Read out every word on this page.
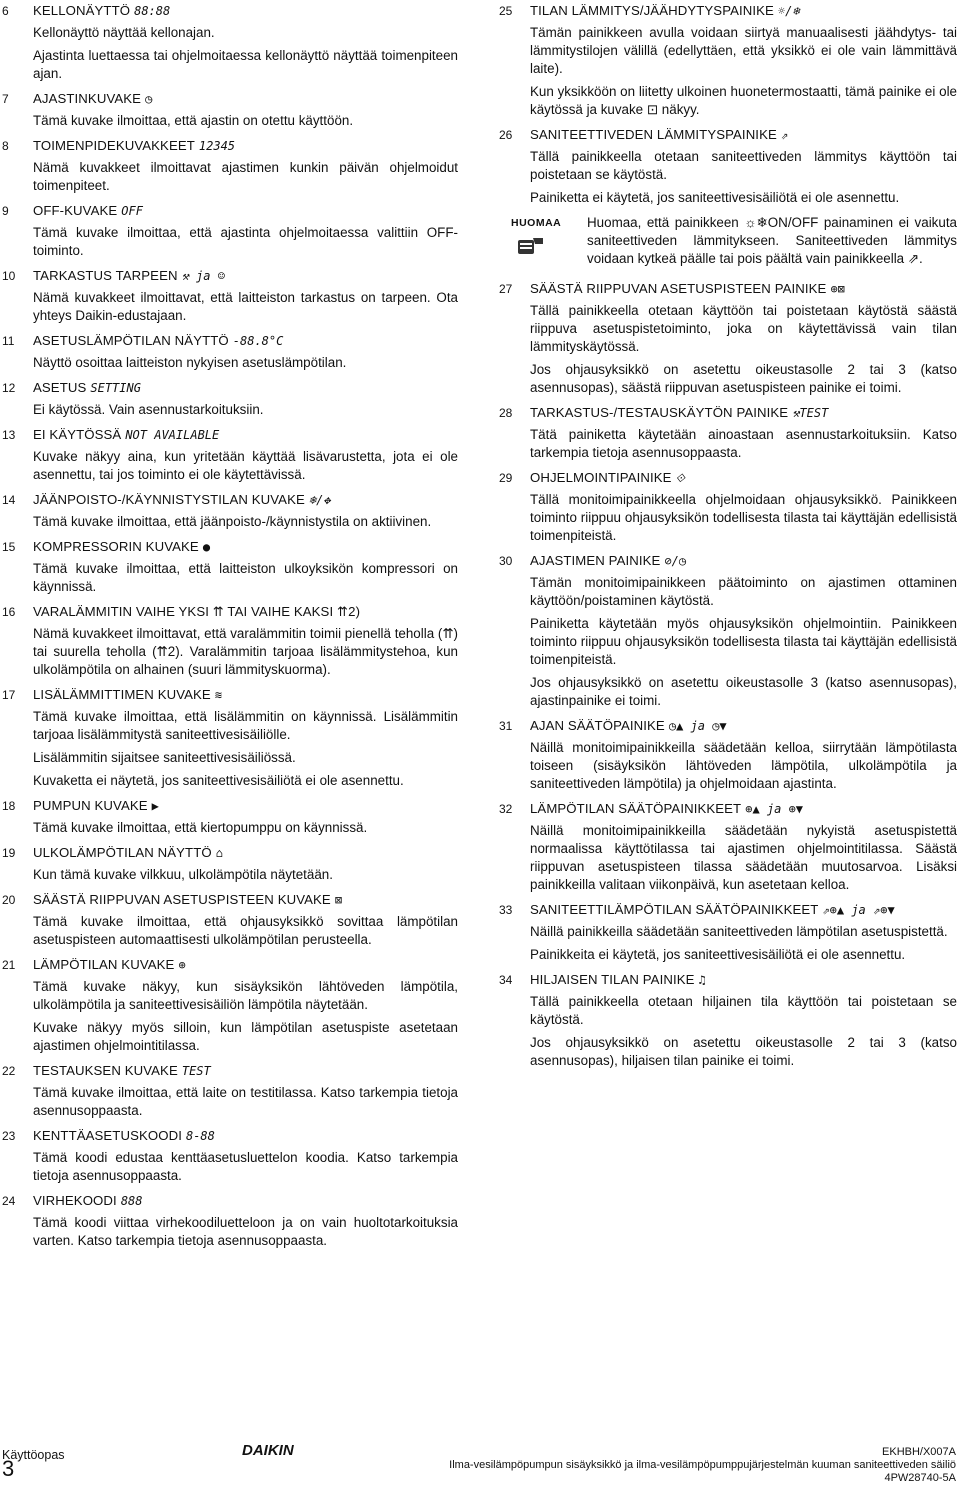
6 KELLONÄYTTÖ 88:88
Kellonäyttö näyttää kellonajan.
Ajastinta luettaessa tai ohjelmoitaessa kellonäyttö näyttää toimenpiteen ajan.
7 AJASTINKUVAKE ◷
Tämä kuvake ilmoittaa, että ajastin on otettu käyttöön.
8 TOIMENPIDEKUVAKKEET 12345
Nämä kuvakkeet ilmoittavat ajastimen kunkin päivän ohjelmoidut toimenpiteet.
9 OFF-KUVAKE OFF
Tämä kuvake ilmoittaa, että ajastinta ohjelmoitaessa valittiin OFF-toiminto.
10 TARKASTUS TARPEEN ⚒ ja ☺
Nämä kuvakkeet ilmoittavat, että laitteiston tarkastus on tarpeen. Ota yhteys Daikin-edustajaan.
11 ASETUSLÄMPÖTILAN NÄYTTÖ -88.8°C
Näyttö osoittaa laitteiston nykyisen asetuslämpötilan.
12 ASETUS SETTING
Ei käytössä. Vain asennustarkoituksiin.
13 EI KÄYTÖSSÄ NOT AVAILABLE
Kuvake näkyy aina, kun yritetään käyttää lisävarustetta, jota ei ole asennettu, tai jos toiminto ei ole käytettävissä.
14 JÄÄNPOISTO-/KÄYNNISTYSTILAN KUVAKE ❄/✥
Tämä kuvake ilmoittaa, että jäänpoisto-/käynnistystila on aktiivinen.
15 KOMPRESSORIN KUVAKE ●
Tämä kuvake ilmoittaa, että laitteiston ulkoyksikön kompressori on käynnissä.
16 VARALÄMMITIN VAIHE YKSI ⇈ TAI VAIHE KAKSI ⇈2)
Nämä kuvakkeet ilmoittavat, että varalämmitin toimii pienellä teholla (⇈) tai suurella teholla (⇈2). Varalämmitin tarjoaa lisälämmitystehoa, kun ulkolämpötila on alhainen (suuri lämmityskuorma).
17 LISÄLÄMMITTIMEN KUVAKE ≋
Tämä kuvake ilmoittaa, että lisälämmitin on käynnissä. Lisälämmitin tarjoaa lisälämmitystä saniteettivesisäiliölle.
Lisälämmitin sijaitsee saniteettivesisäiliössä.
Kuvaketta ei näytetä, jos saniteettivesisäiliötä ei ole asennettu.
18 PUMPUN KUVAKE ▶
Tämä kuvake ilmoittaa, että kiertopumppu on käynnissä.
19 ULKOLÄMPÖTILAN NÄYTTÖ ⌂
Kun tämä kuvake vilkkuu, ulkolämpötila näytetään.
20 SÄÄSTÄ RIIPPUVAN ASETUSPISTEEN KUVAKE ⊠
Tämä kuvake ilmoittaa, että ohjausyksikkö sovittaa lämpötilan asetuspisteen automaattisesti ulkolämpötilan perusteella.
21 LÄMPÖTILAN KUVAKE ⊕
Tämä kuvake näkyy, kun sisäyksikön lähtöveden lämpötila, ulkolämpötila ja saniteettivesisäiliön lämpötila näytetään.
Kuvake näkyy myös silloin, kun lämpötilan asetuspiste asetetaan ajastimen ohjelmointitilassa.
22 TESTAUKSEN KUVAKE TEST
Tämä kuvake ilmoittaa, että laite on testitilassa. Katso tarkempia tietoja asennusoppaasta.
23 KENTTÄASETUSKOODI 8-88
Tämä koodi edustaa kenttäasetusluettelon koodia. Katso tarkempia tietoja asennusoppaasta.
24 VIRHEKOODI 888
Tämä koodi viittaa virhekoodiluetteloon ja on vain huoltotarkoituksia varten. Katso tarkempia tietoja asennusoppaasta.
25 TILAN LÄMMITYS/JÄÄHDYTYSPAINIKE ☼/❄
Tämän painikkeen avulla voidaan siirtyä manuaalisesti jäähdytys- tai lämmitystilojen välillä (edellyttäen, että yksikkö ei ole vain lämmittävä laite).
Kun yksikköön on liitetty ulkoinen huonetermostaatti, tämä painike ei ole käytössä ja kuvake ⊡ näkyy.
26 SANITEETTIVEDEN LÄMMITYSPAINIKE ⇗
Tällä painikkeella otetaan saniteettiveden lämmitys käyttöön tai poistetaan se käytöstä.
Painiketta ei käytetä, jos saniteettivesisäiliötä ei ole asennettu.
HUOMAA Huomaa, että painikkeen ☼❄ON/OFF painaminen ei vaikuta saniteettiveden lämmitykseen. Saniteettiveden lämmitys voidaan kytkeä päälle tai pois päältä vain painikkeella ⇗.
27 SÄÄSTÄ RIIPPUVAN ASETUSPISTEEN PAINIKE ⊕⊠
Tällä painikkeella otetaan käyttöön tai poistetaan käytöstä säästä riippuva asetuspistetoiminto, joka on käytettävissä vain tilan lämmityskäytössä.
Jos ohjausyksikkö on asetettu oikeustasolle 2 tai 3 (katso asennusopas), säästä riippuvan asetuspisteen painike ei toimi.
28 TARKASTUS-/TESTAUSKÄYTÖN PAINIKE ⚒TEST
Tätä painiketta käytetään ainoastaan asennustarkoituksiin. Katso tarkempia tietoja asennusoppaasta.
29 OHJELMOINTIPAINIKE ⟐
Tällä monitoimipainikkeella ohjelmoidaan ohjausyksikkö. Painikkeen toiminto riippuu ohjausyksikön todellisesta tilasta tai käyttäjän edellisistä toimenpiteistä.
30 AJASTIMEN PAINIKE ⊘/◷
Tämän monitoimipainikkeen päätoiminto on ajastimen ottaminen käyttöön/poistaminen käytöstä.
Painiketta käytetään myös ohjausyksikön ohjelmointiin. Painikkeen toiminto riippuu ohjausyksikön todellisesta tilasta tai käyttäjän edellisistä toimenpiteistä.
Jos ohjausyksikkö on asetettu oikeustasolle 3 (katso asennusopas), ajastinpainike ei toimi.
31 AJAN SÄÄTÖPAINIKE ◷▲ ja ◷▼
Näillä monitoimipainikkeilla säädetään kelloa, siirrytään lämpötilasta toiseen (sisäyksikön lähtöveden lämpötila, ulkolämpötila ja saniteettiveden lämpötila) ja ohjelmoidaan ajastinta.
32 LÄMPÖTILAN SÄÄTÖPAINIKKEET ⊕▲ ja ⊕▼
Näillä monitoimipainikkeilla säädetään nykyistä asetuspistettä normaalissa käyttötilassa tai ajastimen ohjelmointitilassa. Säästä riippuvan asetuspisteen tilassa säädetään muutosarvoa. Lisäksi painikkeilla valitaan viikonpäivä, kun asetetaan kelloa.
33 SANITEETTILÄMPÖTILAN SÄÄTÖPAINIKKEET ⇗⊕▲ ja ⇗⊕▼
Näillä painikkeilla säädetään saniteettiveden lämpötilan asetuspistettä.
Painikkeita ei käytetä, jos saniteettivesisäiliötä ei ole asennettu.
34 HILJAISEN TILAN PAINIKE ♫
Tällä painikkeella otetaan hiljainen tila käyttöön tai poistetaan se käytöstä.
Jos ohjausyksikkö on asetettu oikeustasolle 2 tai 3 (katso asennusopas), hiljaisen tilan painike ei toimi.
Käyttöopas
3
DAIKIN	EKHBH/X007A
Ilma-vesilämpöpumpun sisäyksikkö ja ilma-vesilämpöpumppujärjestelmän kuuman saniteettiveden säiliö
4PW28740-5A
